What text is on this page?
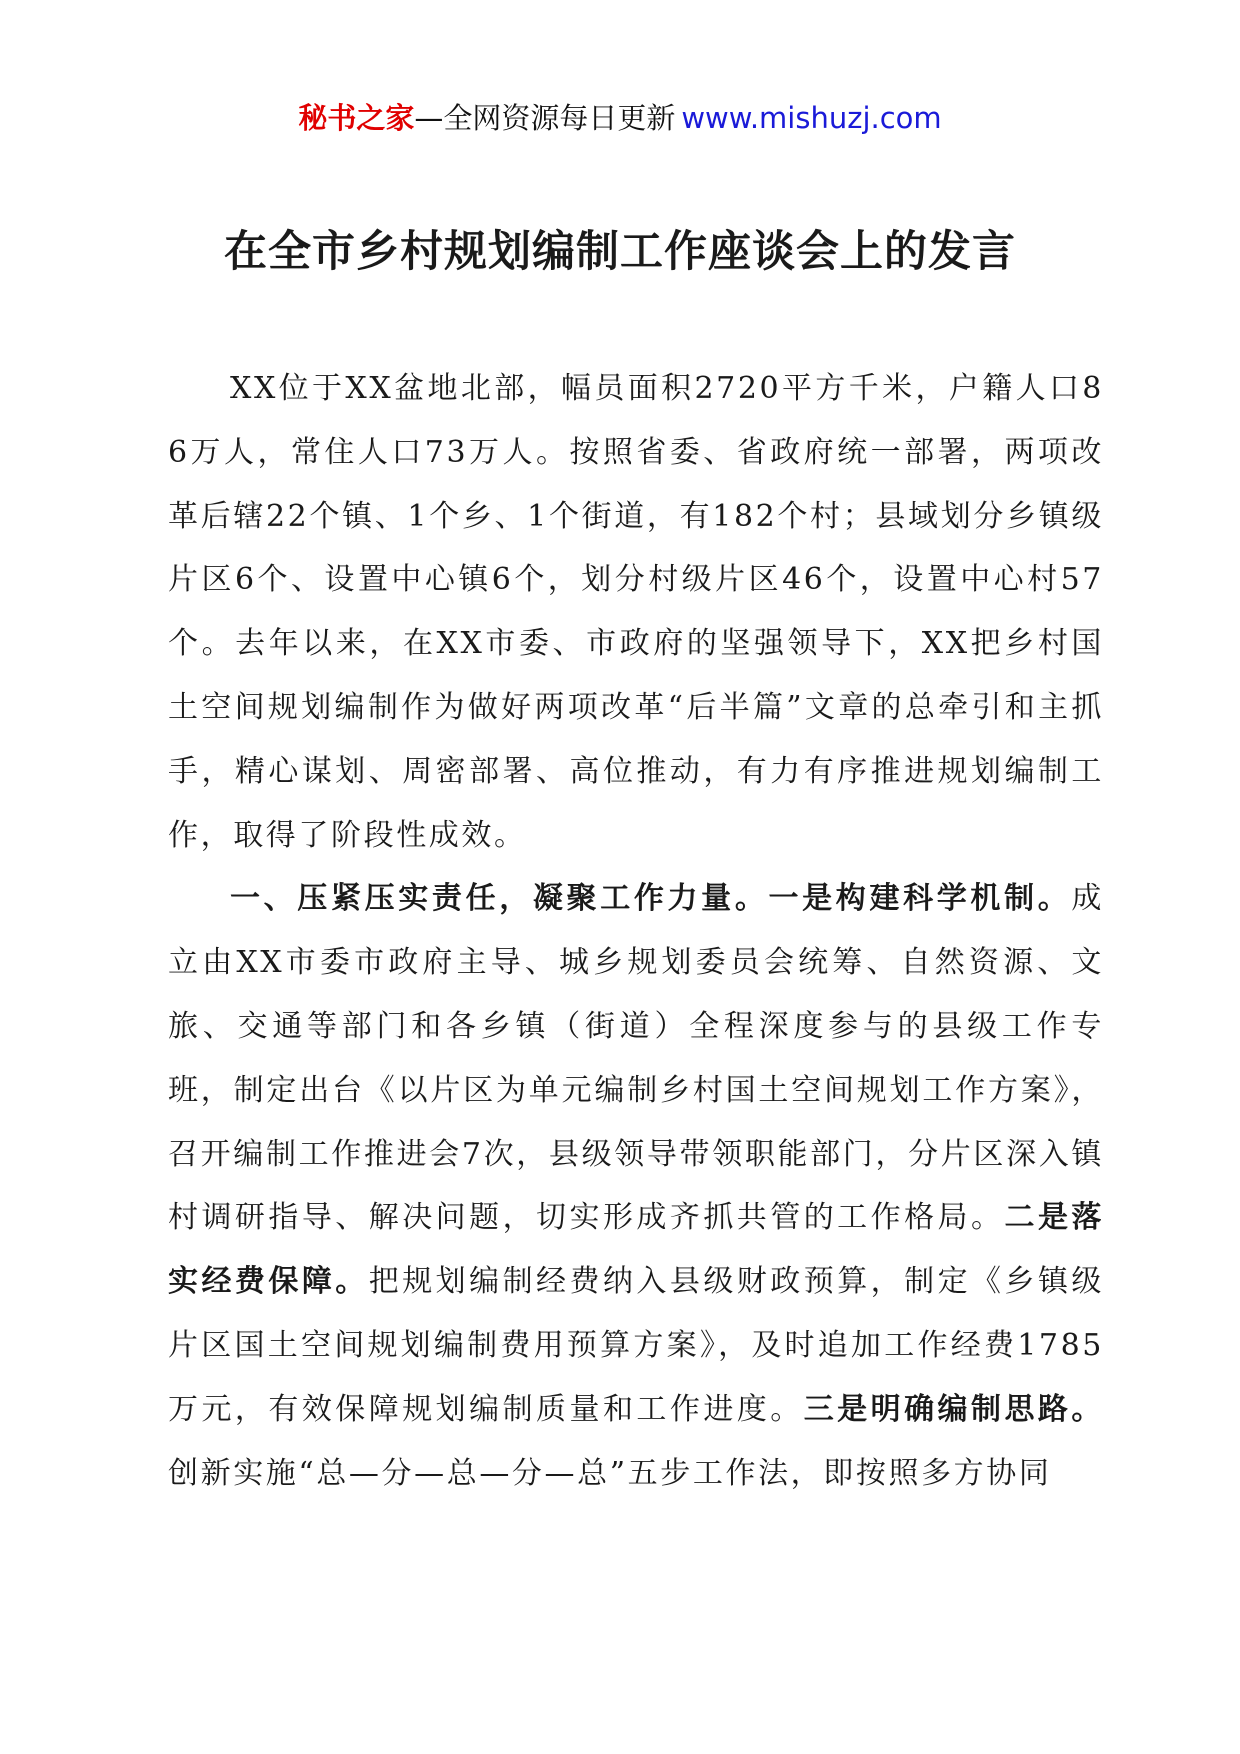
秘书之家—全网资源每日更新 www.mishuzj.com
在全市乡村规划编制工作座谈会上的发言

XX位于XX盆地北部，幅员面积2720平方千米，户籍人口86万人，常住人口73万人。按照省委、省政府统一部署，两项改革后辖22个镇、1个乡、1个街道，有182个村；县域划分乡镇级片区6个、设置中心镇6个，划分村级片区46个，设置中心村57个。去年以来，在XX市委、市政府的坚强领导下，XX把乡村国土空间规划编制作为做好两项改革“后半篇”文章的总牵引和主抓手，精心谋划、周密部署、高位推动，有力有序推进规划编制工作，取得了阶段性成效。

一、压紧压实责任，凝聚工作力量。一是构建科学机制。成立由XX市委市政府主导、城乡规划委员会统筹、自然资源、文旅、交通等部门和各乡镇（街道）全程深度参与的县级工作专班，制定出台《以片区为单元编制乡村国土空间规划工作方案》，召开编制工作推进会7次，县级领导带领职能部门，分片区深入镇村调研指导、解决问题，切实形成齐抓共管的工作格局。二是落实经费保障。把规划编制经费纳入县级财政预算，制定《乡镇级片区国土空间规划编制费用预算方案》，及时追加工作经费1785万元，有效保障规划编制质量和工作进度。三是明确编制思路。创新实施“总—分—总—分—总”五步工作法，即按照多方协同
